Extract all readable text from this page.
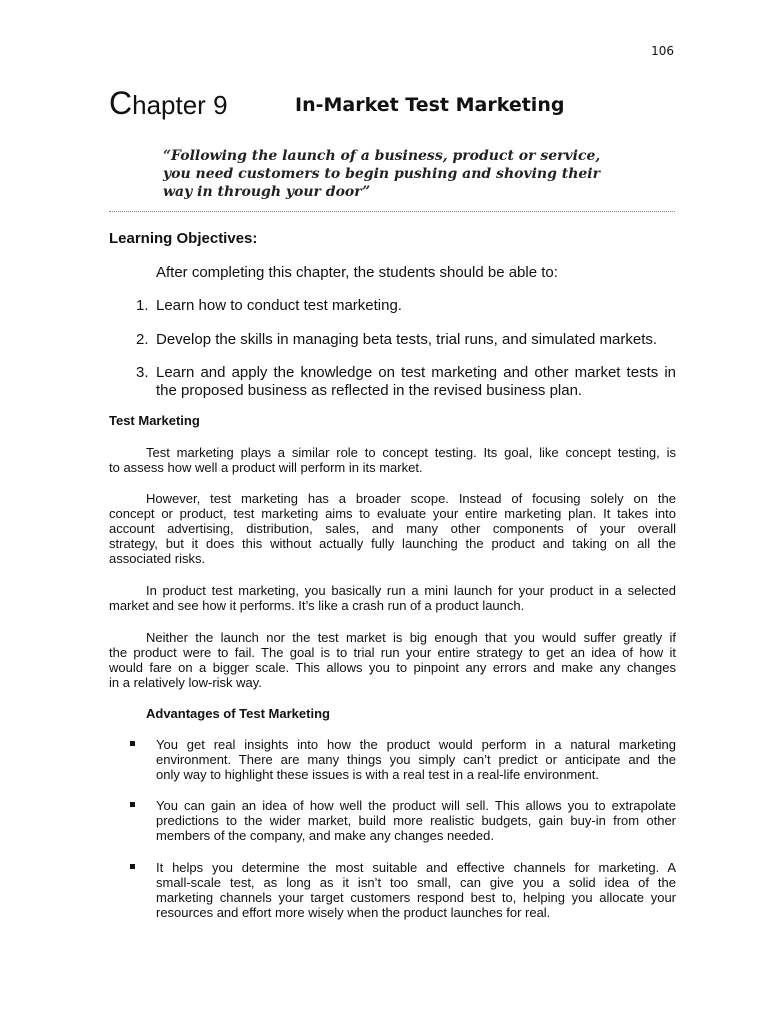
106
Chapter 9	In-Market Test Marketing
“Following the launch of a business, product or service,
you need customers to begin pushing and shoving their
way in through your door”
Learning Objectives:
After completing this chapter, the students should be able to:
1. Learn how to conduct test marketing.
2. Develop the skills in managing beta tests, trial runs, and simulated markets.
3. Learn and apply the knowledge on test marketing and other market tests in
the proposed business as reflected in the revised business plan.
Test Marketing
Test marketing plays a similar role to concept testing. Its goal, like concept testing, is
to assess how well a product will perform in its market.
However, test marketing has a broader scope. Instead of focusing solely on the
concept or product, test marketing aims to evaluate your entire marketing plan. It takes into
account advertising, distribution, sales, and many other components of your overall
strategy, but it does this without actually fully launching the product and taking on all the
associated risks.
In product test marketing, you basically run a mini launch for your product in a selected
market and see how it performs. It’s like a crash run of a product launch.
Neither the launch nor the test market is big enough that you would suffer greatly if
the product were to fail. The goal is to trial run your entire strategy to get an idea of how it
would fare on a bigger scale. This allows you to pinpoint any errors and make any changes
in a relatively low-risk way.
Advantages of Test Marketing
You get real insights into how the product would perform in a natural marketing
environment. There are many things you simply can’t predict or anticipate and the
only way to highlight these issues is with a real test in a real-life environment.
You can gain an idea of how well the product will sell. This allows you to extrapolate
predictions to the wider market, build more realistic budgets, gain buy-in from other
members of the company, and make any changes needed.
It helps you determine the most suitable and effective channels for marketing. A
small-scale test, as long as it isn’t too small, can give you a solid idea of the
marketing channels your target customers respond best to, helping you allocate your
resources and effort more wisely when the product launches for real.
